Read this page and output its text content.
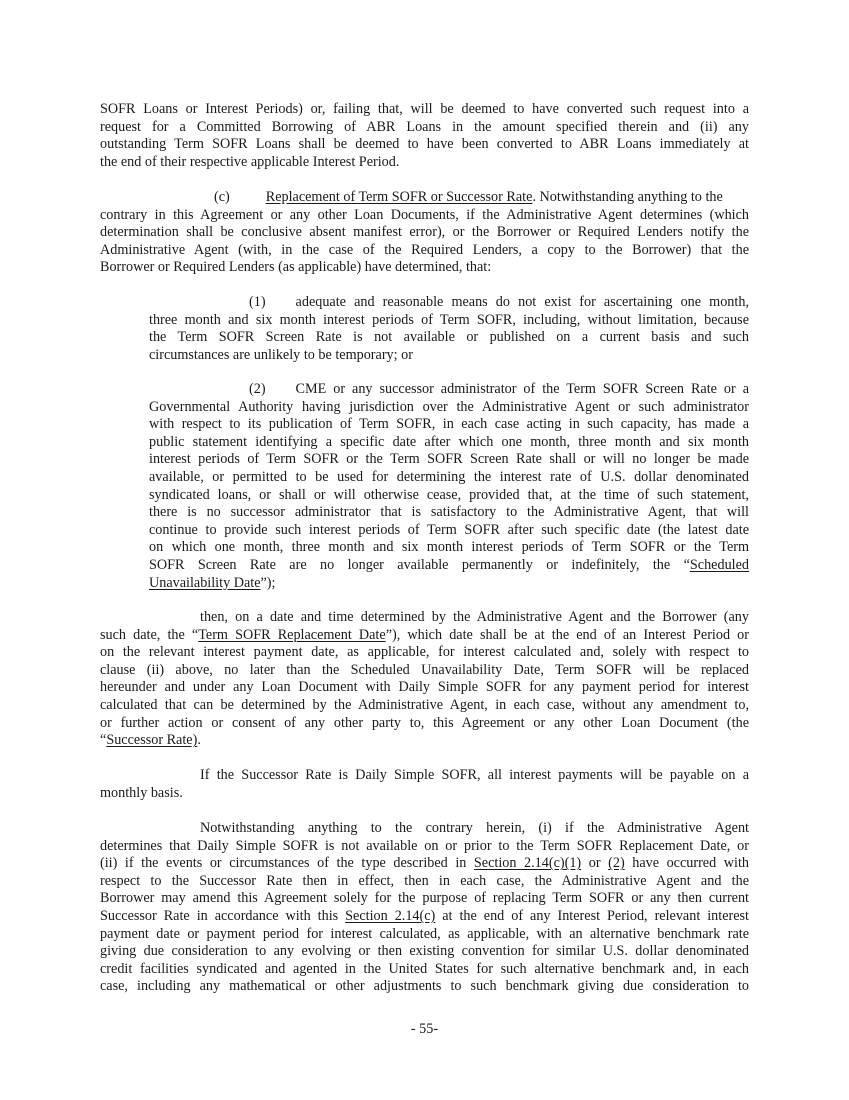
SOFR Loans or Interest Periods) or, failing that, will be deemed to have converted such request into a
request for a Committed Borrowing of ABR Loans in the amount specified therein and (ii) any
outstanding Term SOFR Loans shall be deemed to have been converted to ABR Loans immediately at
the end of their respective applicable Interest Period.
(c)	Replacement of Term SOFR or Successor Rate. Notwithstanding anything to the
contrary in this Agreement or any other Loan Documents, if the Administrative Agent determines (which
determination shall be conclusive absent manifest error), or the Borrower or Required Lenders notify the
Administrative Agent (with, in the case of the Required Lenders, a copy to the Borrower) that the
Borrower or Required Lenders (as applicable) have determined, that:
(1) adequate and reasonable means do not exist for ascertaining one month,
three month and six month interest periods of Term SOFR, including, without limitation, because
the Term SOFR Screen Rate is not available or published on a current basis and such
circumstances are unlikely to be temporary; or
(2) CME or any successor administrator of the Term SOFR Screen Rate or a
Governmental Authority having jurisdiction over the Administrative Agent or such administrator
with respect to its publication of Term SOFR, in each case acting in such capacity, has made a
public statement identifying a specific date after which one month, three month and six month
interest periods of Term SOFR or the Term SOFR Screen Rate shall or will no longer be made
available, or permitted to be used for determining the interest rate of U.S. dollar denominated
syndicated loans, or shall or will otherwise cease, provided that, at the time of such statement,
there is no successor administrator that is satisfactory to the Administrative Agent, that will
continue to provide such interest periods of Term SOFR after such specific date (the latest date
on which one month, three month and six month interest periods of Term SOFR or the Term
SOFR Screen Rate are no longer available permanently or indefinitely, the “Scheduled
Unavailability Date”);
then, on a date and time determined by the Administrative Agent and the Borrower (any
such date, the “Term SOFR Replacement Date”), which date shall be at the end of an Interest Period or
on the relevant interest payment date, as applicable, for interest calculated and, solely with respect to
clause (ii) above, no later than the Scheduled Unavailability Date, Term SOFR will be replaced
hereunder and under any Loan Document with Daily Simple SOFR for any payment period for interest
calculated that can be determined by the Administrative Agent, in each case, without any amendment to,
or further action or consent of any other party to, this Agreement or any other Loan Document (the
“Successor Rate).
If the Successor Rate is Daily Simple SOFR, all interest payments will be payable on a
monthly basis.
Notwithstanding anything to the contrary herein, (i) if the Administrative Agent
determines that Daily Simple SOFR is not available on or prior to the Term SOFR Replacement Date, or
(ii) if the events or circumstances of the type described in Section 2.14(c)(1) or (2) have occurred with
respect to the Successor Rate then in effect, then in each case, the Administrative Agent and the
Borrower may amend this Agreement solely for the purpose of replacing Term SOFR or any then current
Successor Rate in accordance with this Section 2.14(c) at the end of any Interest Period, relevant interest
payment date or payment period for interest calculated, as applicable, with an alternative benchmark rate
giving due consideration to any evolving or then existing convention for similar U.S. dollar denominated
credit facilities syndicated and agented in the United States for such alternative benchmark and, in each
case, including any mathematical or other adjustments to such benchmark giving due consideration to
- 55-
